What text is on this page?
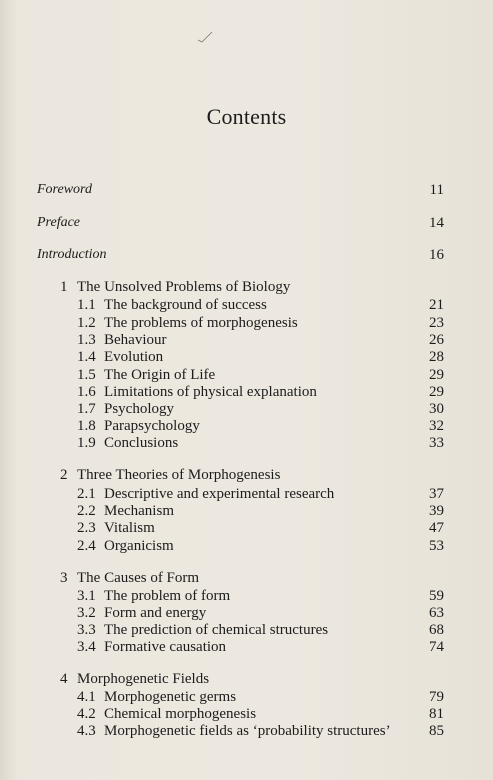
Contents
Foreword	11
Preface	14
Introduction	16
1 The Unsolved Problems of Biology
1.1 The background of success	21
1.2 The problems of morphogenesis	23
1.3 Behaviour	26
1.4 Evolution	28
1.5 The Origin of Life	29
1.6 Limitations of physical explanation	29
1.7 Psychology	30
1.8 Parapsychology	32
1.9 Conclusions	33
2 Three Theories of Morphogenesis
2.1 Descriptive and experimental research	37
2.2 Mechanism	39
2.3 Vitalism	47
2.4 Organicism	53
3 The Causes of Form
3.1 The problem of form	59
3.2 Form and energy	63
3.3 The prediction of chemical structures	68
3.4 Formative causation	74
4 Morphogenetic Fields
4.1 Morphogenetic germs	79
4.2 Chemical morphogenesis	81
4.3 Morphogenetic fields as ‘probability structures’	85
